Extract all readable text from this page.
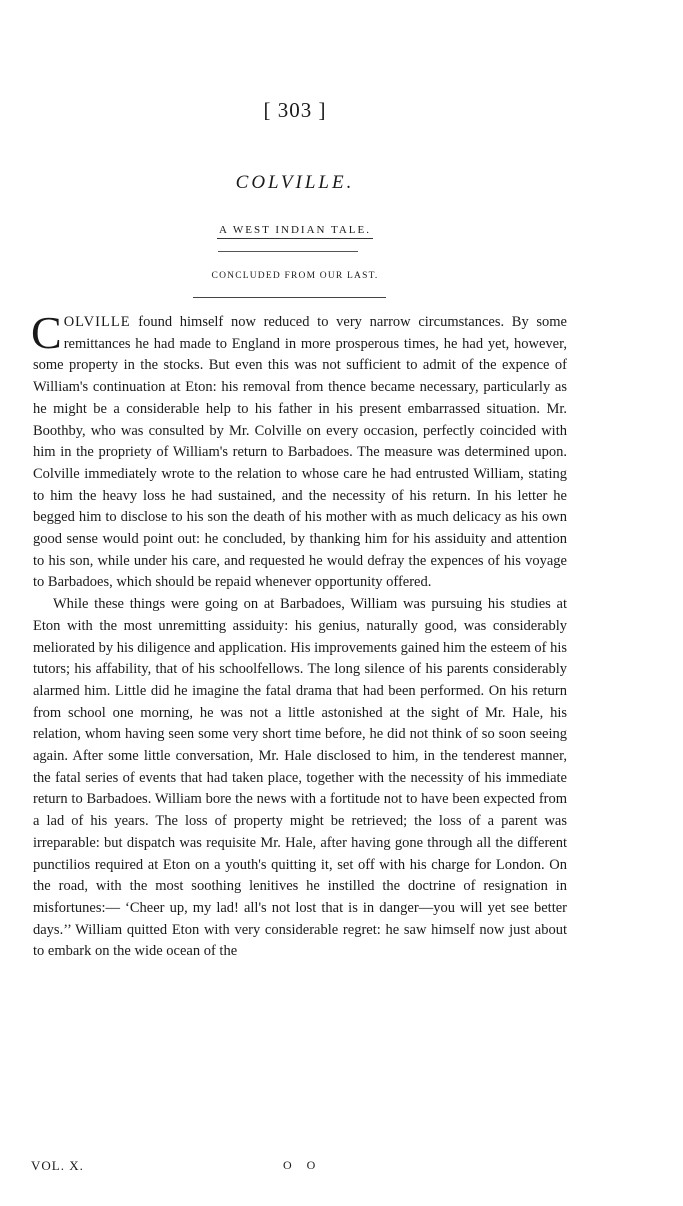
[ 303 ]
COLVILLE.
A WEST INDIAN TALE.
CONCLUDED FROM OUR LAST.

COLVILLE found himself now reduced to very narrow circumstances. By some remittances he had made to England in more prosperous times, he had yet, however, some property in the stocks. But even this was not sufficient to admit of the expence of William's continuation at Eton: his removal from thence became necessary, particularly as he might be a considerable help to his father in his present embarrassed situation. Mr. Boothby, who was consulted by Mr. Colville on every occasion, perfectly coincided with him in the propriety of William's return to Barbadoes. The measure was determined upon. Colville immediately wrote to the relation to whose care he had entrusted William, stating to him the heavy loss he had sustained, and the necessity of his return. In his letter he begged him to disclose to his son the death of his mother with as much delicacy as his own good sense would point out: he concluded, by thanking him for his assiduity and attention to his son, while under his care, and requested he would defray the expences of his voyage to Barbadoes, which should be repaid whenever opportunity offered.

While these things were going on at Barbadoes, William was pursuing his studies at Eton with the most unremitting assiduity: his genius, naturally good, was considerably meliorated by his diligence and application. His improvements gained him the esteem of his tutors; his affability, that of his schoolfellows. The long silence of his parents considerably alarmed him. Little did he imagine the fatal drama that had been performed. On his return from school one morning, he was not a little astonished at the sight of Mr. Hale, his relation, whom having seen some very short time before, he did not think of so soon seeing again. After some little conversation, Mr. Hale disclosed to him, in the tenderest manner, the fatal series of events that had taken place, together with the necessity of his immediate return to Barbadoes. William bore the news with a fortitude not to have been expected from a lad of his years. The loss of property might be retrieved; the loss of a parent was irreparable: but dispatch was requisite Mr. Hale, after having gone through all the different punctilios required at Eton on a youth's quitting it, set off with his charge for London. On the road, with the most soothing lenitives he instilled the doctrine of resignation in misfortunes:— ‘Cheer up, my lad! all's not lost that is in danger—you will yet see better days.’’ William quitted Eton with very considerable regret: he saw himself now just about to embark on the wide ocean of the

VOL. X.	O O
